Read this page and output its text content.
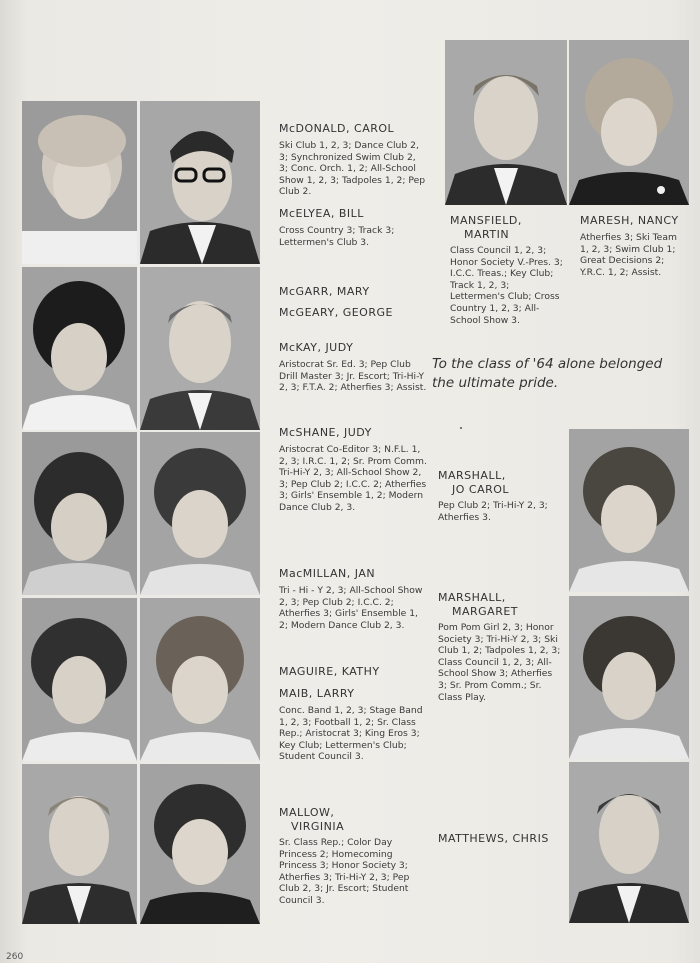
McDONALD, CAROL
Ski Club 1, 2, 3; Dance Club 2, 3; Synchronized Swim Club 2, 3; Conc. Orch. 1, 2; All-School Show 1, 2, 3; Tadpoles 1, 2; Pep Club 2.
McELYEA, BILL
Cross Country 3; Track 3; Lettermen's Club 3.
McGARR, MARY
McGEARY, GEORGE
McKAY, JUDY
Aristocrat Sr. Ed. 3; Pep Club Drill Master 3; Jr. Escort; Tri-Hi-Y 2, 3; F.T.A. 2; Atherfies 3; Assist.
McSHANE, JUDY
Aristocrat Co-Editor 3; N.F.L. 1, 2, 3; I.R.C. 1, 2; Sr. Prom Comm. Tri-Hi-Y 2, 3; All-School Show 2, 3; Pep Club 2; I.C.C. 2; Atherfies 3; Girls' Ensemble 1, 2; Modern Dance Club 2, 3.
MacMILLAN, JAN
Tri - Hi - Y 2, 3; All-School Show 2, 3; Pep Club 2; I.C.C. 2; Atherfies 3; Girls' Ensemble 1, 2; Modern Dance Club 2, 3.
MAGUIRE, KATHY
MAIB, LARRY
Conc. Band 1, 2, 3; Stage Band 1, 2, 3; Football 1, 2; Sr. Class Rep.; Aristocrat 3; King Eros 3; Key Club; Lettermen's Club; Student Council 3.
MALLOW,
VIRGINIA
Sr. Class Rep.; Color Day Princess 2; Homecoming Princess 3; Honor Society 3; Atherfies 3; Tri-Hi-Y 2, 3; Pep Club 2, 3; Jr. Escort; Student Council 3.
MANSFIELD,
MARTIN
Class Council 1, 2, 3; Honor Society V.-Pres. 3; I.C.C. Treas.; Key Club; Track 1, 2, 3; Lettermen's Club; Cross Country 1, 2, 3; All-School Show 3.
MARESH, NANCY
Atherfies 3; Ski Team 1, 2, 3; Swim Club 1; Great Decisions 2; Y.R.C. 1, 2; Assist.
To the class of '64 alone belonged the ultimate pride.
MARSHALL,
JO CAROL
Pep Club 2; Tri-Hi-Y 2, 3; Atherfies 3.
MARSHALL,
MARGARET
Pom Pom Girl 2, 3; Honor Society 3; Tri-Hi-Y 2, 3; Ski Club 1, 2; Tadpoles 1, 2, 3; Class Council 1, 2, 3; All-School Show 3; Atherfies 3; Sr. Prom Comm.; Sr. Class Play.
MATTHEWS, CHRIS
260
